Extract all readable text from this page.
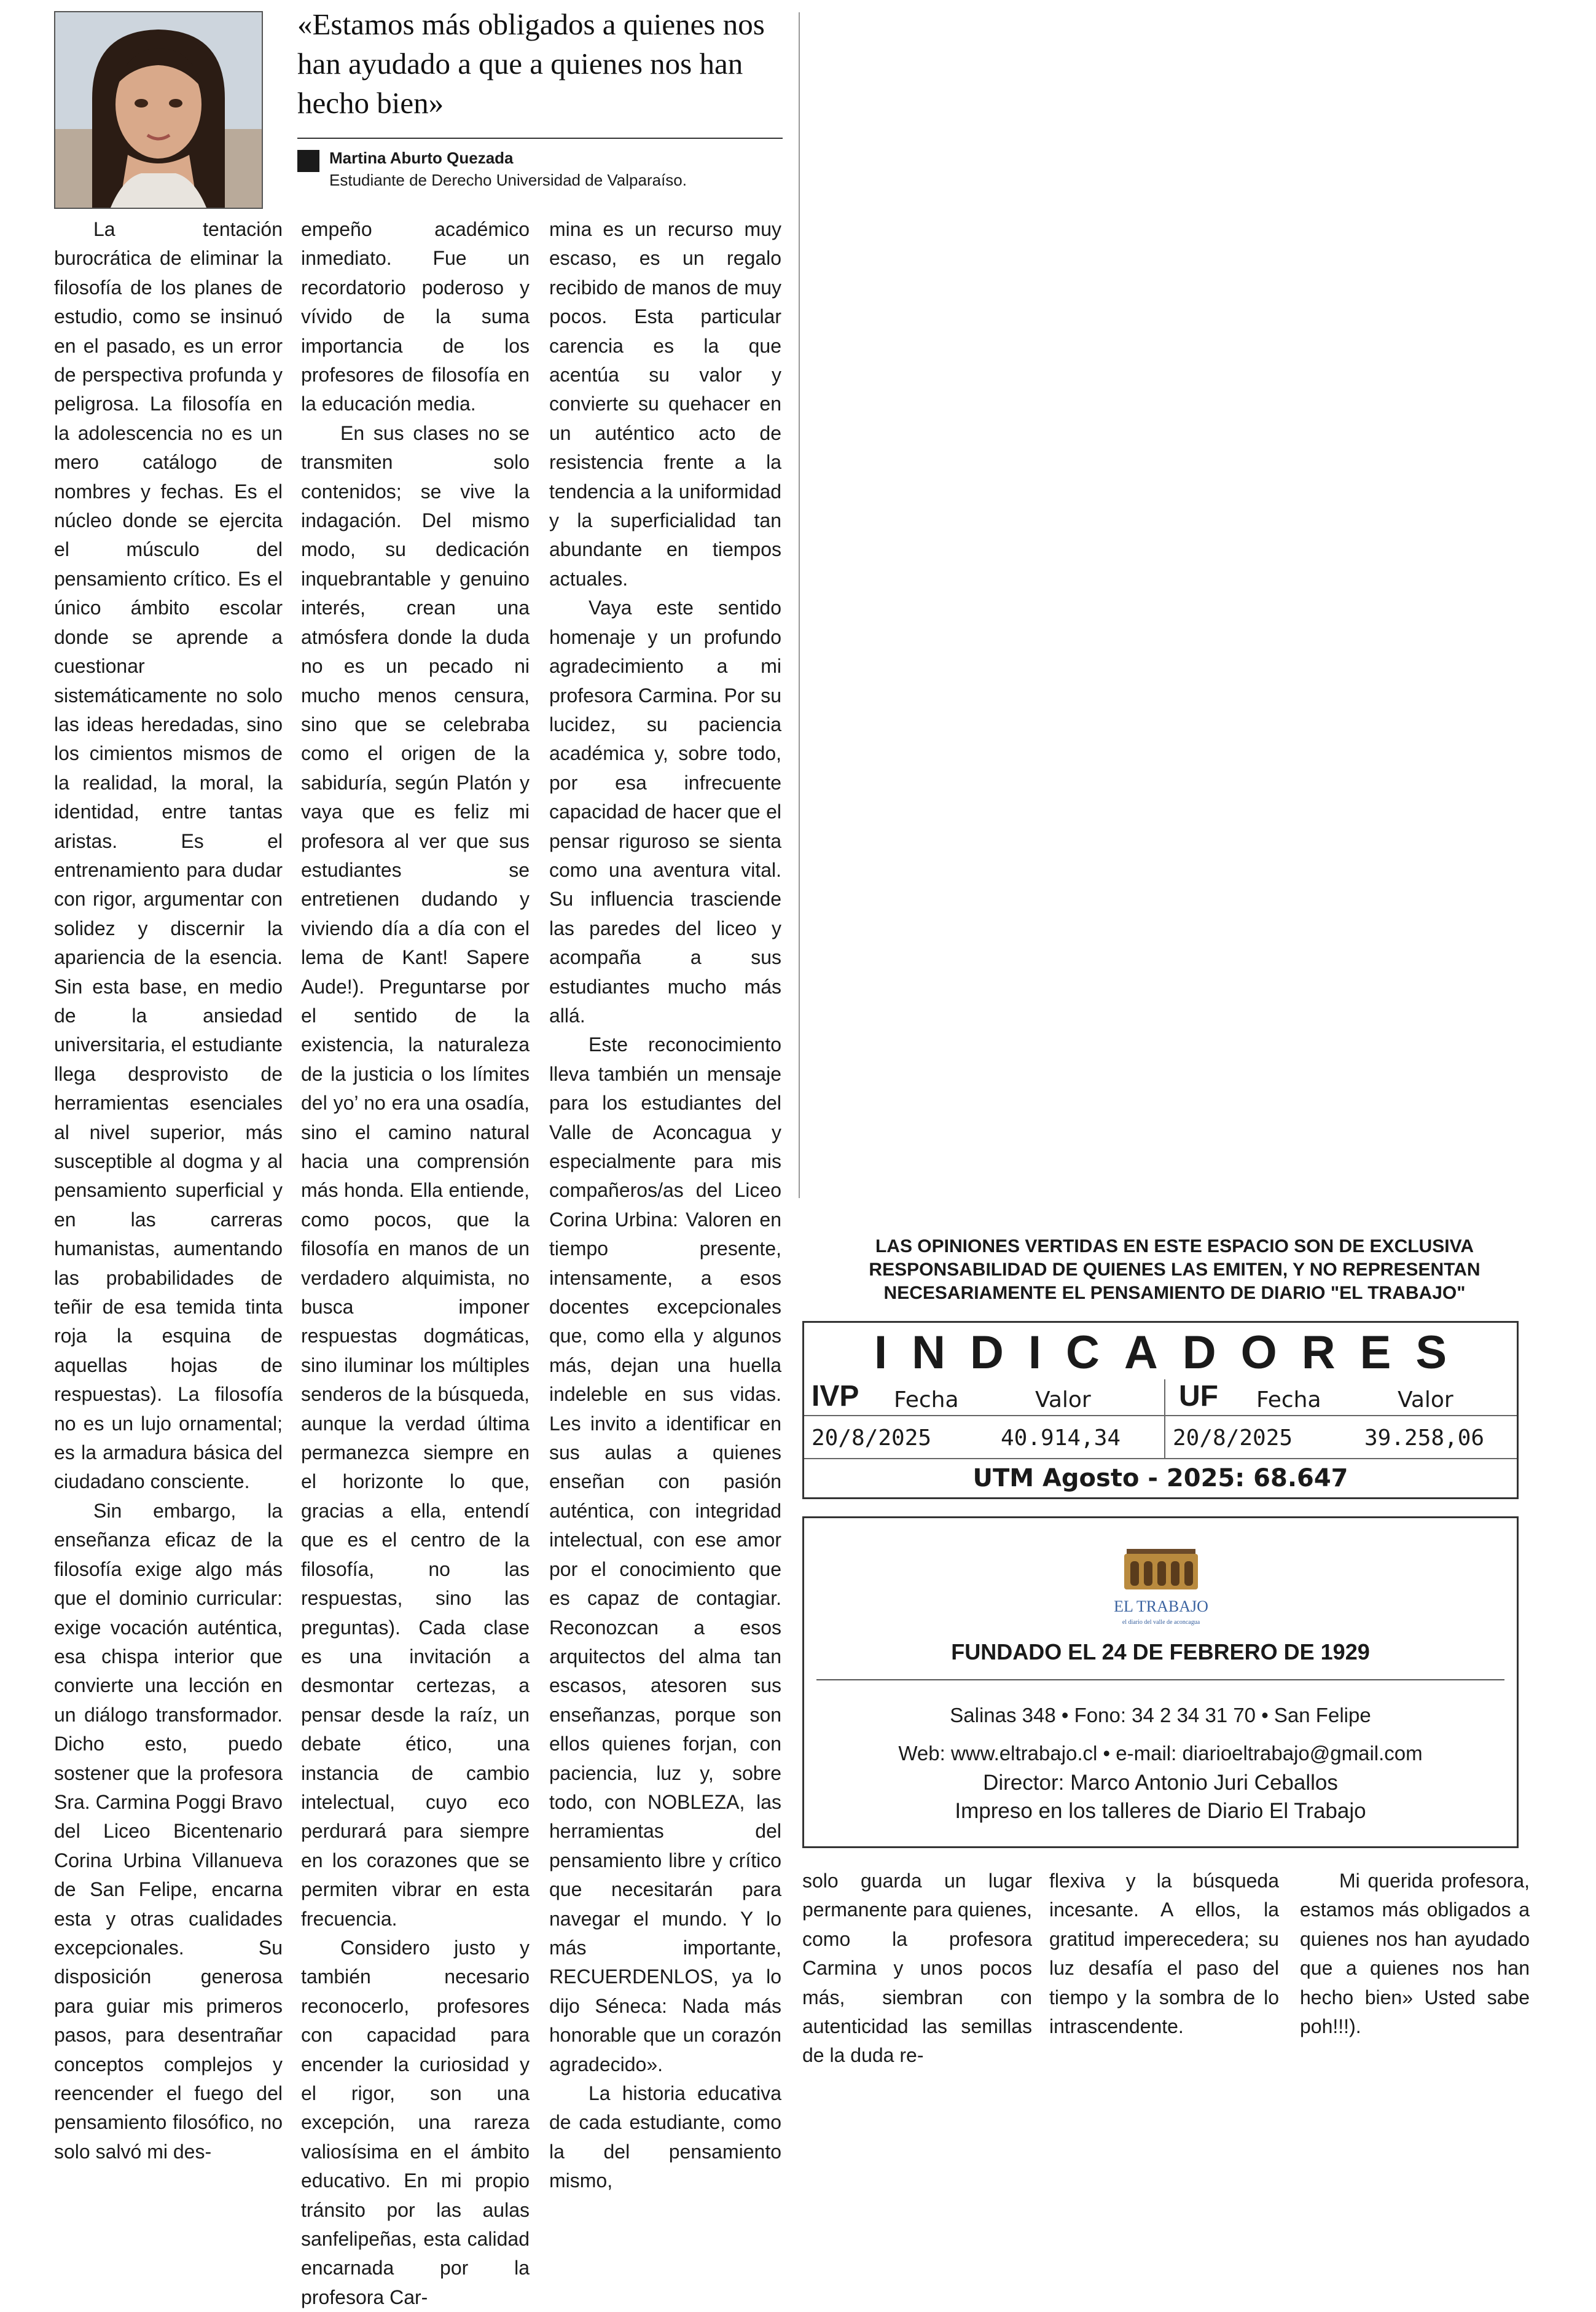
«Estamos más obligados a quienes nos han ayudado a que a quienes nos han hecho bien»
Martina Aburto Quezada
Estudiante de Derecho Universidad de Valparaíso.

La tentación burocrática de eliminar la filosofía de los planes de estudio, como se insinuó en el pasado, es un error de perspectiva profunda y peligrosa. La filosofía en la adolescencia no es un mero catálogo de nombres y fechas. Es el núcleo donde se ejercita el músculo del pensamiento crítico. Es el único ámbito escolar donde se aprende a cuestionar sistemáticamente no solo las ideas heredadas, sino los cimientos mismos de la realidad, la moral, la identidad, entre tantas aristas. Es el entrenamiento para dudar con rigor, argumentar con solidez y discernir la apariencia de la esencia. Sin esta base, en medio de la ansiedad universitaria, el estudiante llega desprovisto de herramientas esenciales al nivel superior, más susceptible al dogma y al pensamiento superficial y en las carreras humanistas, aumentando las probabilidades de teñir de esa temida tinta roja la esquina de aquellas hojas de respuestas). La filosofía no es un lujo ornamental; es la armadura básica del ciudadano consciente.

Sin embargo, la enseñanza eficaz de la filosofía exige algo más que el dominio curricular: exige vocación auténtica, esa chispa interior que convierte una lección en un diálogo transformador. Dicho esto, puedo sostener que la profesora Sra. Carmina Poggi Bravo del Liceo Bicentenario Corina Urbina Villanueva de San Felipe, encarna esta y otras cualidades excepcionales. Su disposición generosa para guiar mis primeros pasos, para desentrañar conceptos complejos y reencender el fuego del pensamiento filosófico, no solo salvó mi des-

empeño académico inmediato. Fue un recordatorio poderoso y vívido de la suma importancia de los profesores de filosofía en la educación media.

En sus clases no se transmiten solo contenidos; se vive la indagación. Del mismo modo, su dedicación inquebrantable y genuino interés, crean una atmósfera donde la duda no es un pecado ni mucho menos censura, sino que se celebraba como el origen de la sabiduría, según Platón y vaya que es feliz mi profesora al ver que sus estudiantes se entretienen dudando y viviendo día a día con el lema de Kant! Sapere Aude!). Preguntarse por el sentido de la existencia, la naturaleza de la justicia o los límites del yo’ no era una osadía, sino el camino natural hacia una comprensión más honda. Ella entiende, como pocos, que la filosofía en manos de un verdadero alquimista, no busca imponer respuestas dogmáticas, sino iluminar los múltiples senderos de la búsqueda, aunque la verdad última permanezca siempre en el horizonte lo que, gracias a ella, entendí que es el centro de la filosofía, no las respuestas, sino las preguntas). Cada clase es una invitación a desmontar certezas, a pensar desde la raíz, un debate ético, una instancia de cambio intelectual, cuyo eco perdurará para siempre en los corazones que se permiten vibrar en esta frecuencia.

Considero justo y también necesario reconocerlo, profesores con capacidad para encender la curiosidad y el rigor, son una excepción, una rareza valiosísima en el ámbito educativo. En mi propio tránsito por las aulas sanfelipeñas, esta calidad encarnada por la profesora Car-

mina es un recurso muy escaso, es un regalo recibido de manos de muy pocos. Esta particular carencia es la que acentúa su valor y convierte su quehacer en un auténtico acto de resistencia frente a la tendencia a la uniformidad y la superficialidad tan abundante en tiempos actuales.

Vaya este sentido homenaje y un profundo agradecimiento a mi profesora Carmina. Por su lucidez, su paciencia académica y, sobre todo, por esa infrecuente capacidad de hacer que el pensar riguroso se sienta como una aventura vital. Su influencia trasciende las paredes del liceo y acompaña a sus estudiantes mucho más allá.

Este reconocimiento lleva también un mensaje para los estudiantes del Valle de Aconcagua y especialmente para mis compañeros/as del Liceo Corina Urbina: Valoren en tiempo presente, intensamente, a esos docentes excepcionales que, como ella y algunos más, dejan una huella indeleble en sus vidas. Les invito a identificar en sus aulas a quienes enseñan con pasión auténtica, con integridad intelectual, con ese amor por el conocimiento que es capaz de contagiar. Reconozcan a esos arquitectos del alma tan escasos, atesoren sus enseñanzas, porque son ellos quienes forjan, con paciencia, luz y, sobre todo, con NOBLEZA, las herramientas del pensamiento libre y crítico que necesitarán para navegar el mundo. Y lo más importante, RECUERDENLOS, ya lo dijo Séneca: Nada más honorable que un corazón agradecido».

La historia educativa de cada estudiante, como la del pensamiento mismo,

LAS OPINIONES VERTIDAS EN ESTE ESPACIO SON DE EXCLUSIVA RESPONSABILIDAD DE QUIENES LAS EMITEN, Y NO REPRESENTAN NECESARIAMENTE EL PENSAMIENTO DE DIARIO "EL TRABAJO"

INDICADORES
IVP Fecha	Valor	UF Fecha	Valor
20/8/2025	40.914,34 20/8/2025	39.258,06
UTM Agosto - 2025: 68.647
EL TRABAJO
el diario del valle de aconcagua
FUNDADO EL 24 DE FEBRERO DE 1929
Salinas 348 • Fono: 34 2 34 31 70 • San Felipe
Web: www.eltrabajo.cl • e-mail: diarioeltrabajo@gmail.com
Director: Marco Antonio Juri Ceballos
Impreso en los talleres de Diario El Trabajo

solo guarda un lugar permanente para quienes, como la profesora Carmina y unos pocos más, siembran con autenticidad las semillas de la duda re-

flexiva y la búsqueda incesante. A ellos, la gratitud imperecedera; su luz desafía el paso del tiempo y la sombra de lo intrascendente.

Mi querida profesora, estamos más obligados a quienes nos han ayudado que a quienes nos han hecho bien» Usted sabe poh!!!).
